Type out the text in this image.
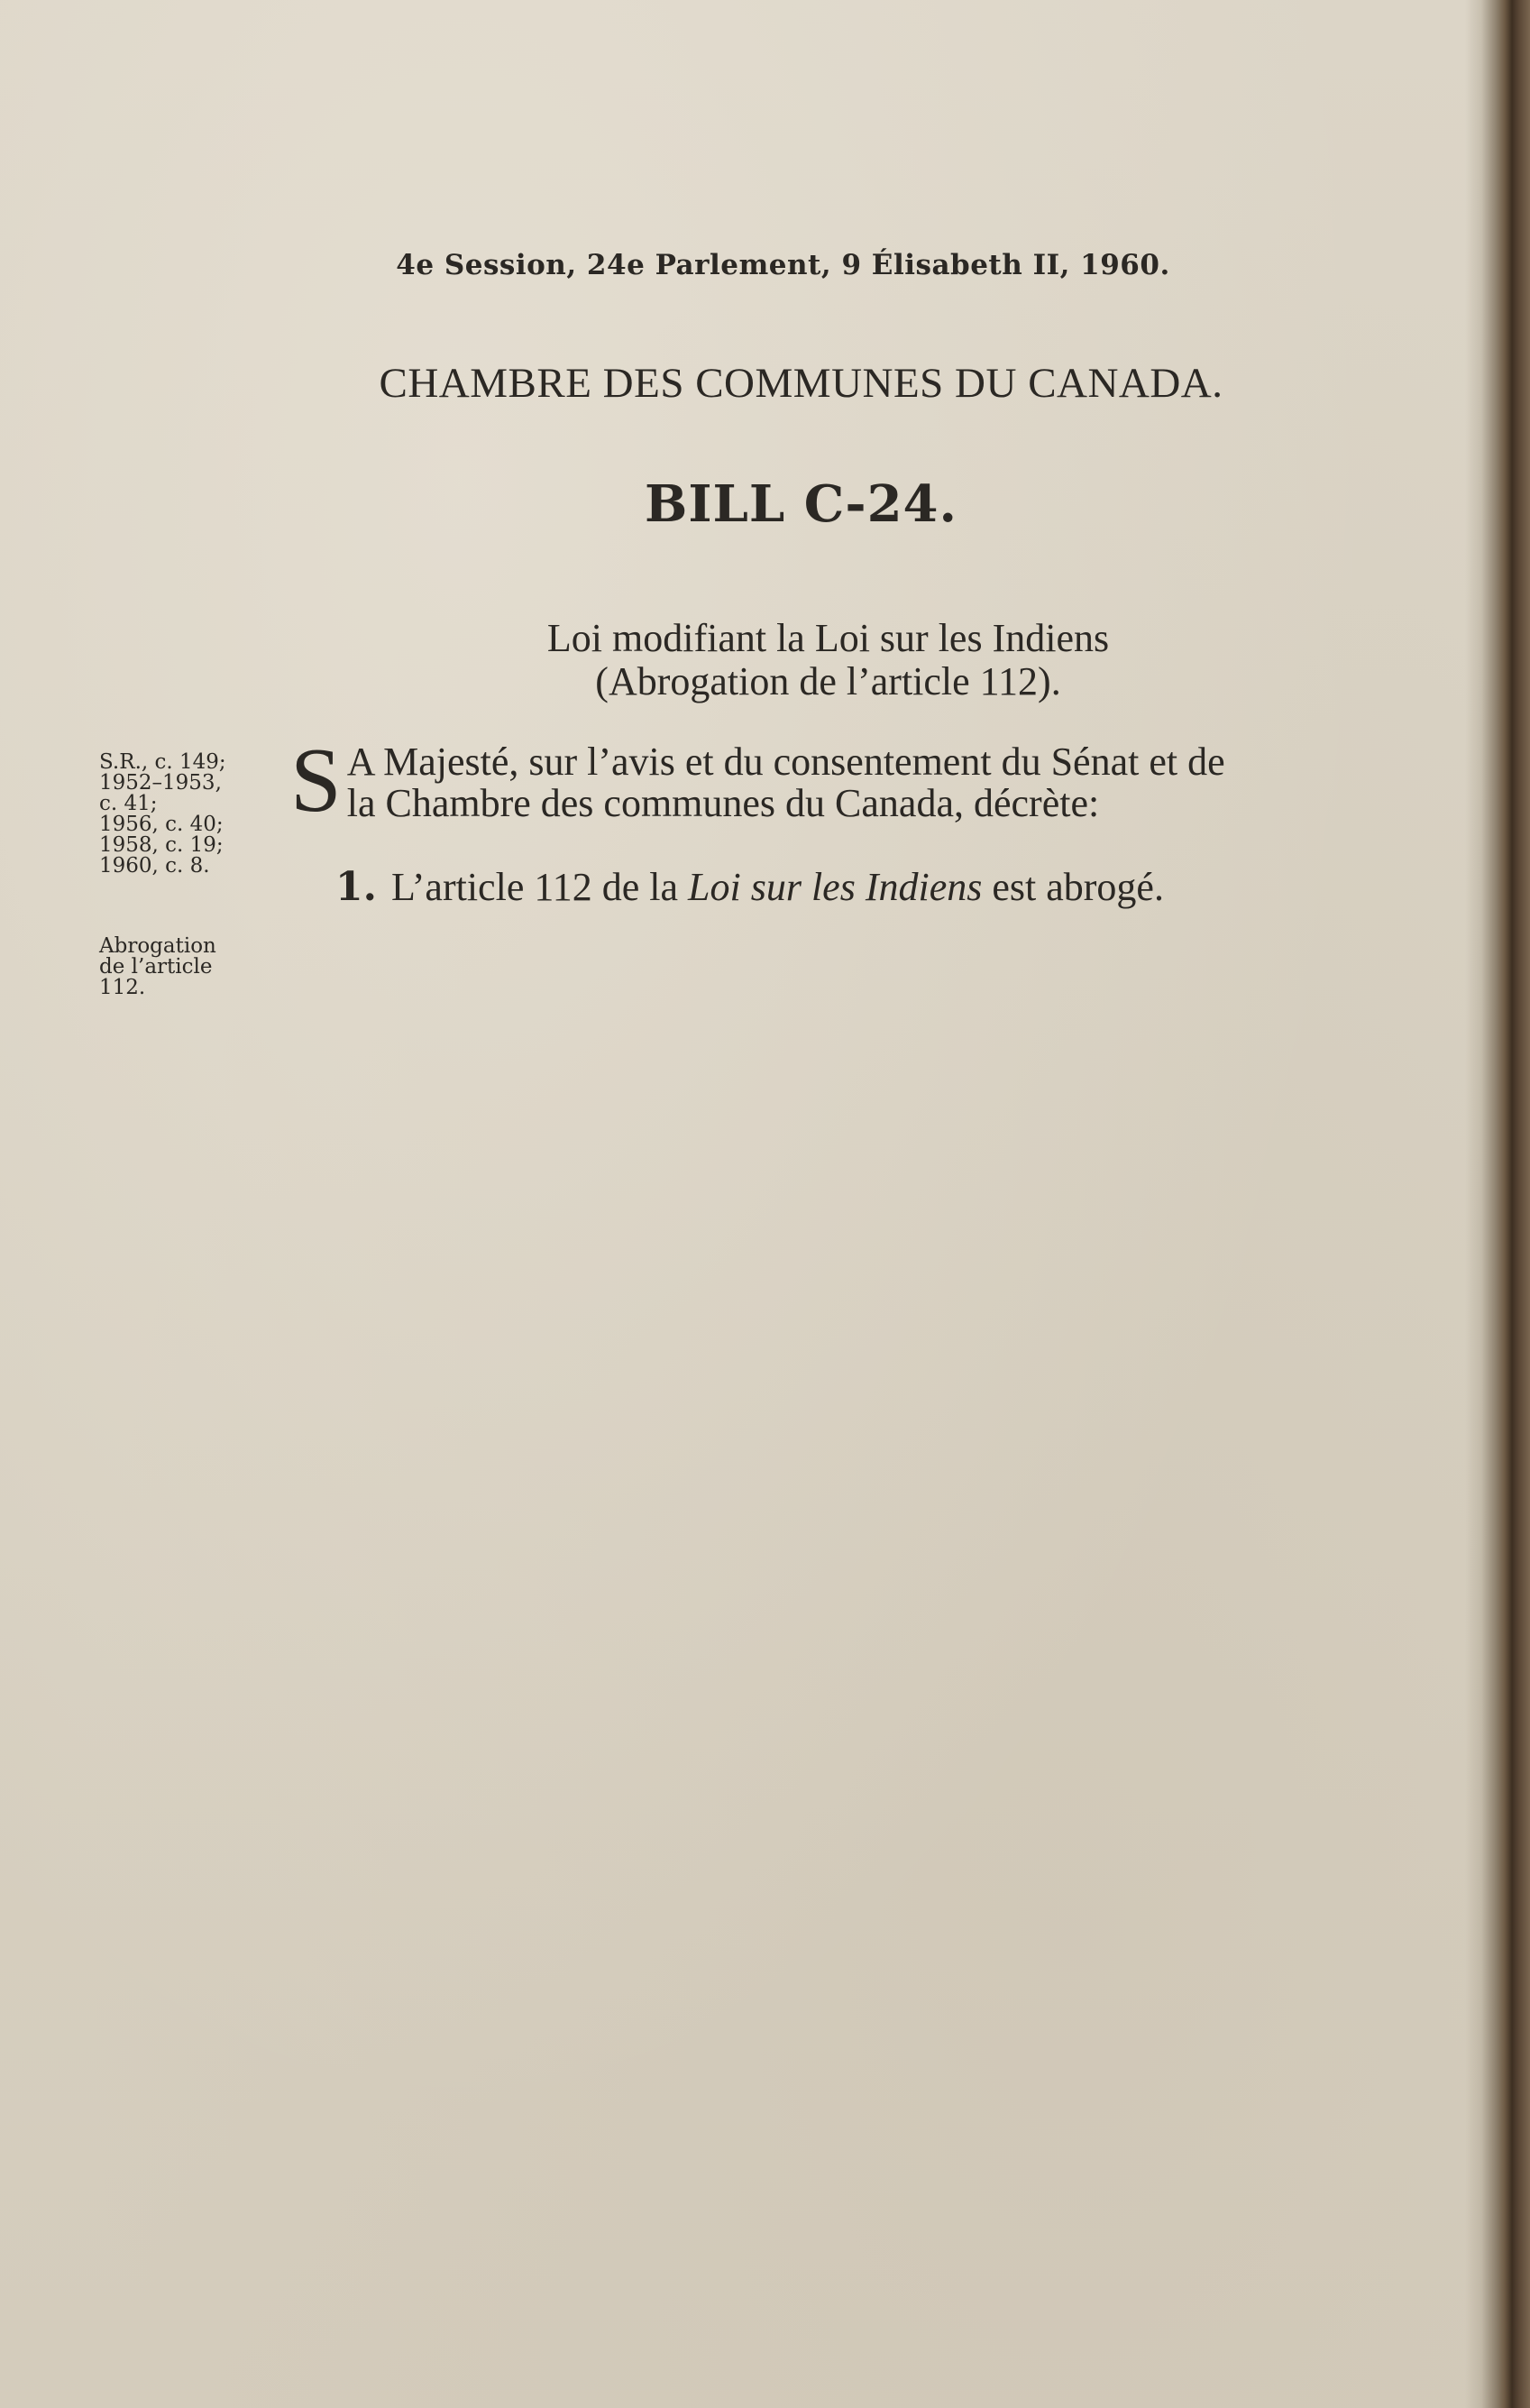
4e Session, 24e Parlement, 9 Élisabeth II, 1960.
CHAMBRE DES COMMUNES DU CANADA.
BILL C-24.
Loi modifiant la Loi sur les Indiens
(Abrogation de l’article 112).
S.R., c. 149;
1952–1953,
c. 41;
1956, c. 40;
1958, c. 19;
1960, c. 8.
Abrogation
de l’article
112.
S A Majesté, sur l’avis et du consentement du Sénat et de
la Chambre des communes du Canada, décrète:
1. L’article 112 de la Loi sur les Indiens est abrogé.
